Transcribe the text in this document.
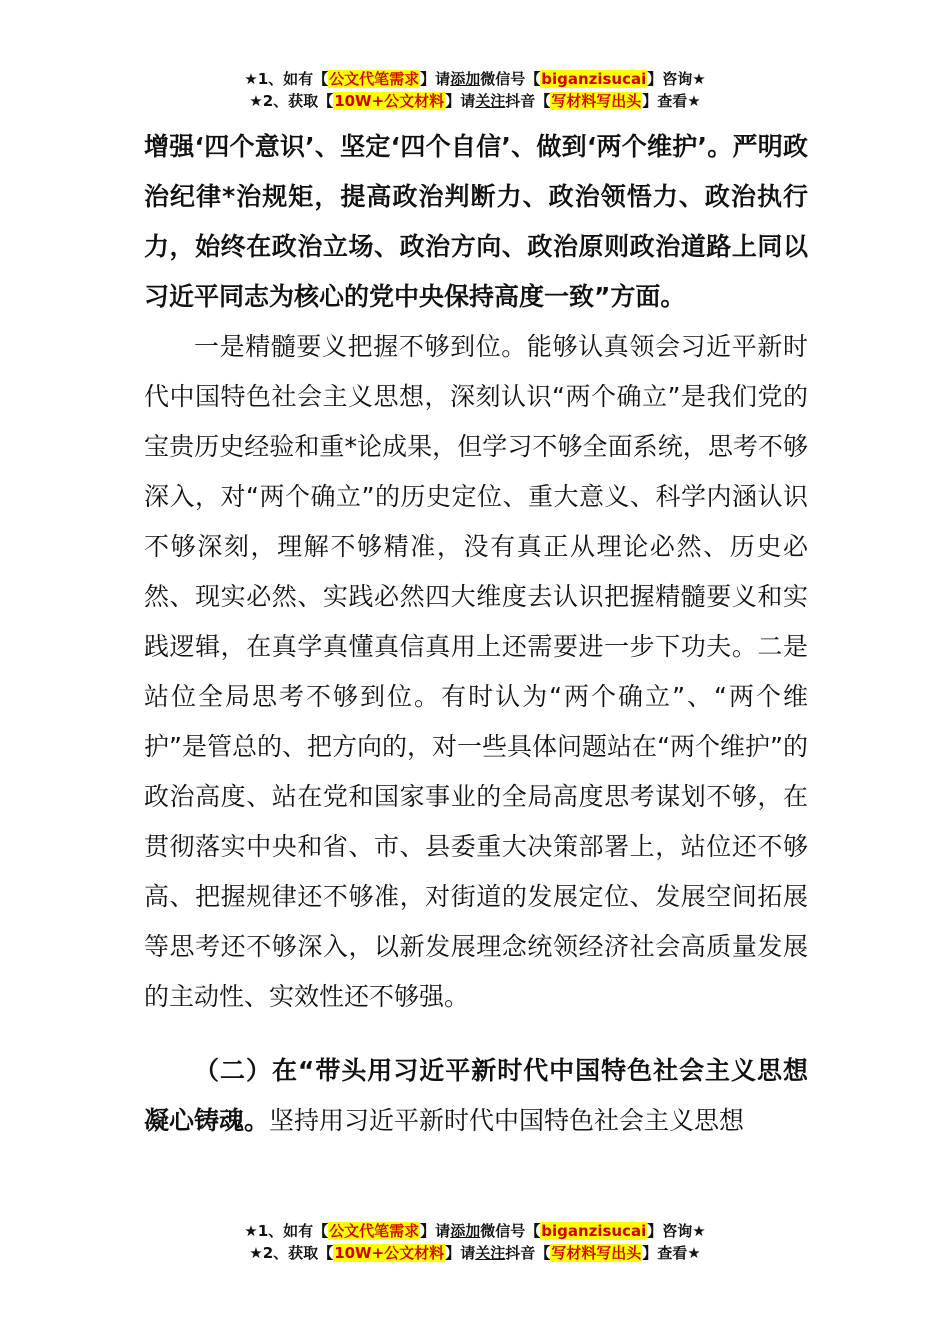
★1、如有【公文代笔需求】请添加微信号【biganzisucai】咨询★
★2、获取【10W+公文材料】请关注抖音【写材料写出头】查看★

增强‘四个意识’、坚定‘四个自信’、做到‘两个维护’。严明政治纪律*治规矩，提高政治判断力、政治领悟力、政治执行力，始终在政治立场、政治方向、政治原则政治道路上同以习近平同志为核心的党中央保持高度一致”方面。

一是精髓要义把握不够到位。能够认真领会习近平新时代中国特色社会主义思想，深刻认识“两个确立”是我们党的宝贵历史经验和重*论成果，但学习不够全面系统，思考不够深入，对“两个确立”的历史定位、重大意义、科学内涵认识不够深刻，理解不够精准，没有真正从理论必然、历史必然、现实必然、实践必然四大维度去认识把握精髓要义和实践逻辑，在真学真懂真信真用上还需要进一步下功夫。二是站位全局思考不够到位。有时认为“两个确立”、“两个维护”是管总的、把方向的，对一些具体问题站在“两个维护”的政治高度、站在党和国家事业的全局高度思考谋划不够，在贯彻落实中央和省、市、县委重大决策部署上，站位还不够高、把握规律还不够准，对街道的发展定位、发展空间拓展等思考还不够深入，以新发展理念统领经济社会高质量发展的主动性、实效性还不够强。

（二）在“带头用习近平新时代中国特色社会主义思想凝心铸魂。坚持用习近平新时代中国特色社会主义思想

★1、如有【公文代笔需求】请添加微信号【biganzisucai】咨询★
★2、获取【10W+公文材料】请关注抖音【写材料写出头】查看★
